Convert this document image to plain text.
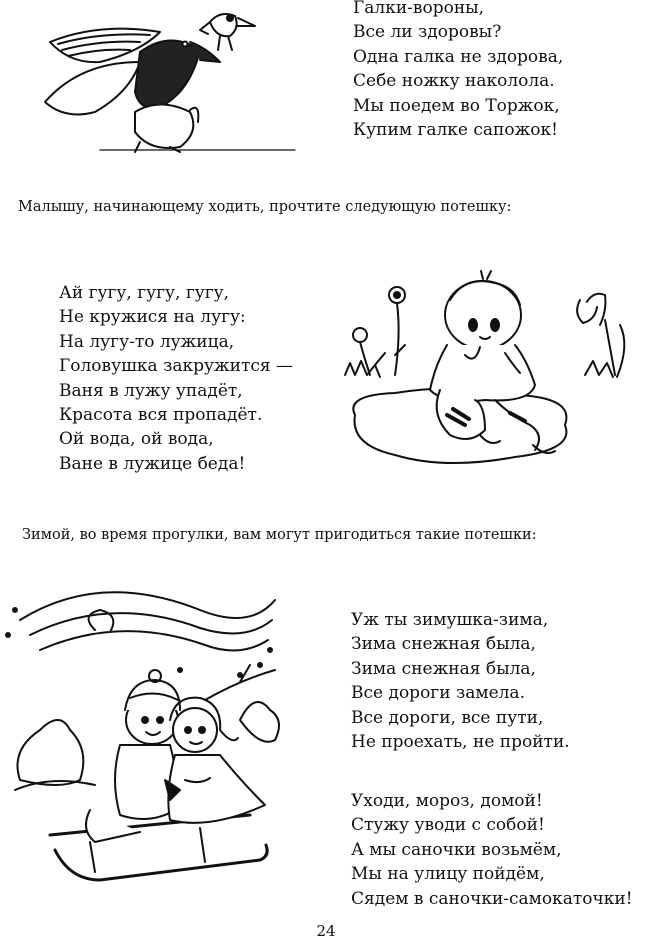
Галки-вороны,
Все ли здоровы?
Одна галка не здорова,
Себе ножку наколола.
Мы поедем во Торжок,
Купим галке сапожок!
Малышу, начинающему ходить, прочтите следующую потешку:
Ай гугу, гугу, гугу,
Не кружися на лугу:
На лугу-то лужица,
Головушка закружится —
Ваня в лужу упадёт,
Красота вся пропадёт.
Ой вода, ой вода,
Ване в лужице беда!
Зимой, во время прогулки, вам могут пригодиться такие потешки:
Уж ты зимушка-зима,
Зима снежная была,
Зима снежная была,
Все дороги замела.
Все дороги, все пути,
Не проехать, не пройти.
Уходи, мороз, домой!
Стужу уводи с собой!
А мы саночки возьмём,
Мы на улицу пойдём,
Сядем в саночки-самокаточки!
24
